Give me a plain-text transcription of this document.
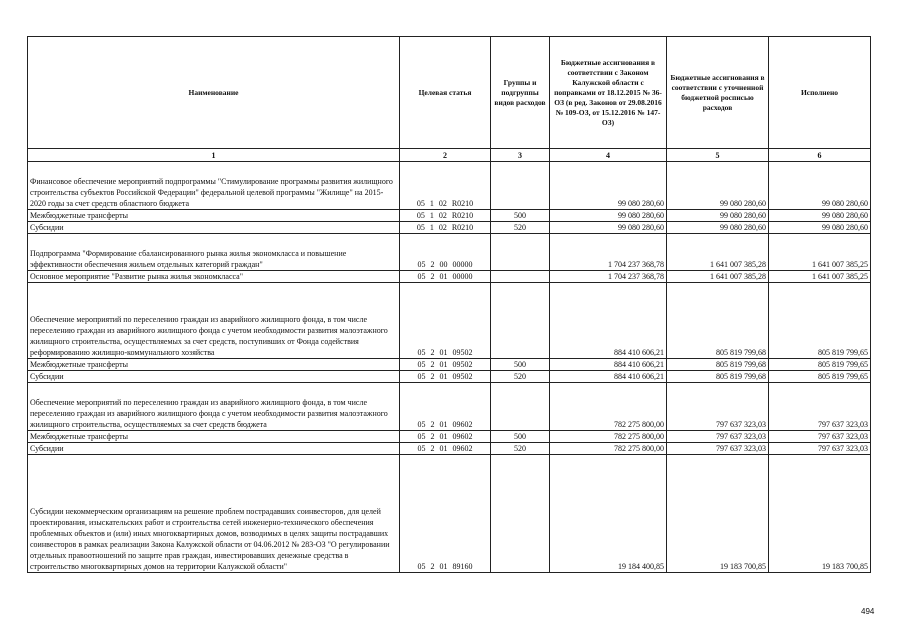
Наименование	Целевая статья	Группы и подгруппы видов расходов	Бюджетные ассигнования в соответствии с Законом Калужской области с поправками от 18.12.2015 № 36-ОЗ (в ред. Законов от 29.08.2016 № 109-ОЗ, от 15.12.2016 № 147-ОЗ)	Бюджетные ассигнования в соответствии с уточненной бюджетной росписью расходов	Исполнено
1	2	3	4	5	6
Финансовое обеспечение мероприятий подпрограммы "Стимулирование программы развития жилищного строительства субъектов Российской Федерации" федеральной целевой программы "Жилище" на 2015-2020 годы за счет средств областного бюджета	05 1 02 R0210		99 080 280,60	99 080 280,60	99 080 280,60
Межбюджетные трансферты	05 1 02 R0210	500	99 080 280,60	99 080 280,60	99 080 280,60
Субсидии	05 1 02 R0210	520	99 080 280,60	99 080 280,60	99 080 280,60
Подпрограмма "Формирование сбалансированного рынка жилья экономкласса и повышение эффективности обеспечения жильем отдельных категорий граждан"	05 2 00 00000		1 704 237 368,78	1 641 007 385,28	1 641 007 385,25
Основное мероприятие "Развитие рынка жилья экономкласса"	05 2 01 00000		1 704 237 368,78	1 641 007 385,28	1 641 007 385,25
Обеспечение мероприятий по переселению граждан из аварийного жилищного фонда, в том числе переселению граждан из аварийного жилищного фонда с учетом необходимости развития малоэтажного жилищного строительства, осуществляемых за счет средств, поступивших от Фонда содействия реформированию жилищно-коммунального хозяйства	05 2 01 09502		884 410 606,21	805 819 799,68	805 819 799,65
Межбюджетные трансферты	05 2 01 09502	500	884 410 606,21	805 819 799,68	805 819 799,65
Субсидии	05 2 01 09502	520	884 410 606,21	805 819 799,68	805 819 799,65
Обеспечение мероприятий по переселению граждан из аварийного жилищного фонда, в том числе переселению граждан из аварийного жилищного фонда с учетом необходимости развития малоэтажного жилищного строительства, осуществляемых за счет средств бюджета	05 2 01 09602		782 275 800,00	797 637 323,03	797 637 323,03
Межбюджетные трансферты	05 2 01 09602	500	782 275 800,00	797 637 323,03	797 637 323,03
Субсидии	05 2 01 09602	520	782 275 800,00	797 637 323,03	797 637 323,03
Субсидии некоммерческим организациям на решение проблем пострадавших соинвесторов, для целей проектирования, изыскательских работ и строительства сетей инженерно-технического обеспечения проблемных объектов и (или) иных многоквартирных домов, возводимых в целях защиты пострадавших соинвесторов в рамках реализации Закона Калужской области от 04.06.2012 № 283-ОЗ "О регулировании отдельных правоотношений по защите прав граждан, инвестировавших денежные средства в строительство многоквартирных домов на территории Калужской области"	05 2 01 89160		19 184 400,85	19 183 700,85	19 183 700,85
494
